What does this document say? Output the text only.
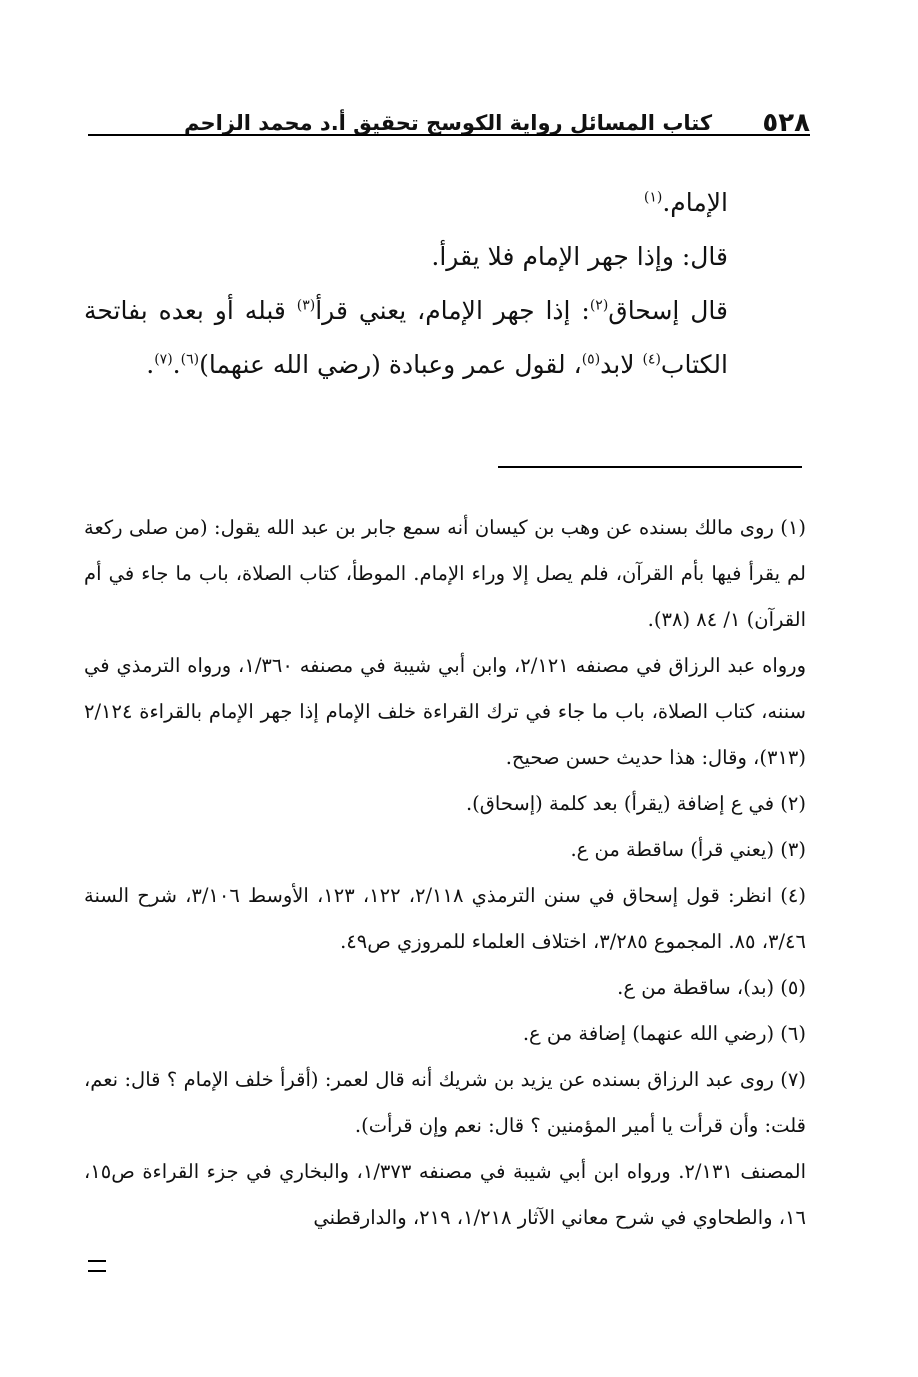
٥٢٨
كتاب المسائل رواية الكوسج تحقيق أ.د محمد الزاحم

الإمام.$^{(١)}$

قال: وإذا جهر الإمام فلا يقرأ.

قال إسحاق$^{(٢)}$: إذا جهر الإمام، يعني قرأ$^{(٣)}$ قبله أو بعده بفاتحة الكتاب$^{(٤)}$ لابد$^{(٥)}$، لقول عمر وعبادة (رضي الله عنهما)$^{(٦)}$.$^{(٧)}$.

(١) روى مالك بسنده عن وهب بن كيسان أنه سمع جابر بن عبد الله يقول: (من صلى ركعة لم يقرأ فيها بأم القرآن، فلم يصل إلا وراء الإمام. الموطأ، كتاب الصلاة، باب ما جاء في أم القرآن) ١/ ٨٤ (٣٨).

ورواه عبد الرزاق في مصنفه ٢/١٢١، وابن أبي شيبة في مصنفه ١/٣٦٠، ورواه الترمذي في سننه، كتاب الصلاة، باب ما جاء في ترك القراءة خلف الإمام إذا جهر الإمام بالقراءة ٢/١٢٤ (٣١٣)، وقال: هذا حديث حسن صحيح.

(٢) في ع إضافة (يقرأ) بعد كلمة (إسحاق).

(٣) (يعني قرأ) ساقطة من ع.

(٤) انظر: قول إسحاق في سنن الترمذي ٢/١١٨، ١٢٢، ١٢٣، الأوسط ٣/١٠٦، شرح السنة ٣/٤٦، ٨٥. المجموع ٣/٢٨٥، اختلاف العلماء للمروزي ص٤٩.

(٥) (بد)، ساقطة من ع.

(٦) (رضي الله عنهما) إضافة من ع.

(٧) روى عبد الرزاق بسنده عن يزيد بن شريك أنه قال لعمر: (أقرأ خلف الإمام ؟ قال: نعم، قلت: وأن قرأت يا أمير المؤمنين ؟ قال: نعم وإن قرأت).

المصنف ٢/١٣١. ورواه ابن أبي شيبة في مصنفه ١/٣٧٣، والبخاري في جزء القراءة ص١٥، ١٦، والطحاوي في شرح معاني الآثار ١/٢١٨، ٢١٩، والدارقطني
